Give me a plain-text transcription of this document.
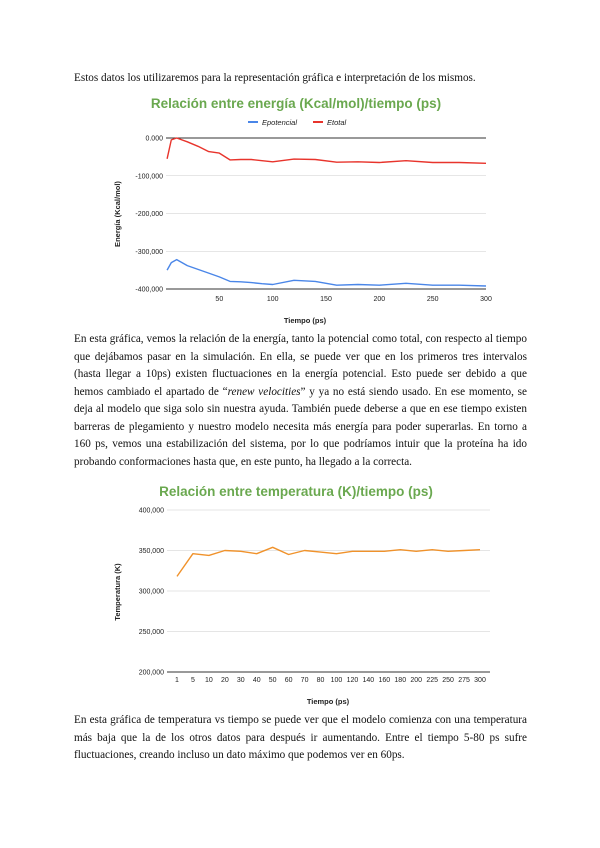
Estos datos los utilizaremos para la representación gráfica e interpretación de los mismos.

Relación entre energía (Kcal/mol)/tiempo (ps)
Epotencial	Etotal
0.000
-100,000
-200,000
-300,000
-400,000
50	100	150	200	250	300
Tiempo (ps)
Energía (Kcal/mol)

En esta gráfica, vemos la relación de la energía, tanto la potencial como total, con respecto al tiempo que dejábamos pasar en la simulación. En ella, se puede ver que en los primeros tres intervalos (hasta llegar a 10ps) existen fluctuaciones en la energía potencial. Esto puede ser debido a que hemos cambiado el apartado de “renew velocities” y ya no está siendo usado. En ese momento, se deja al modelo que siga solo sin nuestra ayuda. También puede deberse a que en ese tiempo existen barreras de plegamiento y nuestro modelo necesita más energía para poder superarlas. En torno a 160 ps, vemos una estabilización del sistema, por lo que podríamos intuir que la proteína ha ido probando conformaciones hasta que, en este punto, ha llegado a la correcta.

Relación entre temperatura (K)/tiempo (ps)
400,000
350,000
300,000
250,000
200,000
1 5 10 20 30 40 50 60 70 80 100 120 140 160 180 200 225 250 275 300
Tiempo (ps)
Temperatura (K)

En esta gráfica de temperatura vs tiempo se puede ver que el modelo comienza con una temperatura más baja que la de los otros datos para después ir aumentando. Entre el tiempo 5-80 ps sufre fluctuaciones, creando incluso un dato máximo que podemos ver en 60ps.
